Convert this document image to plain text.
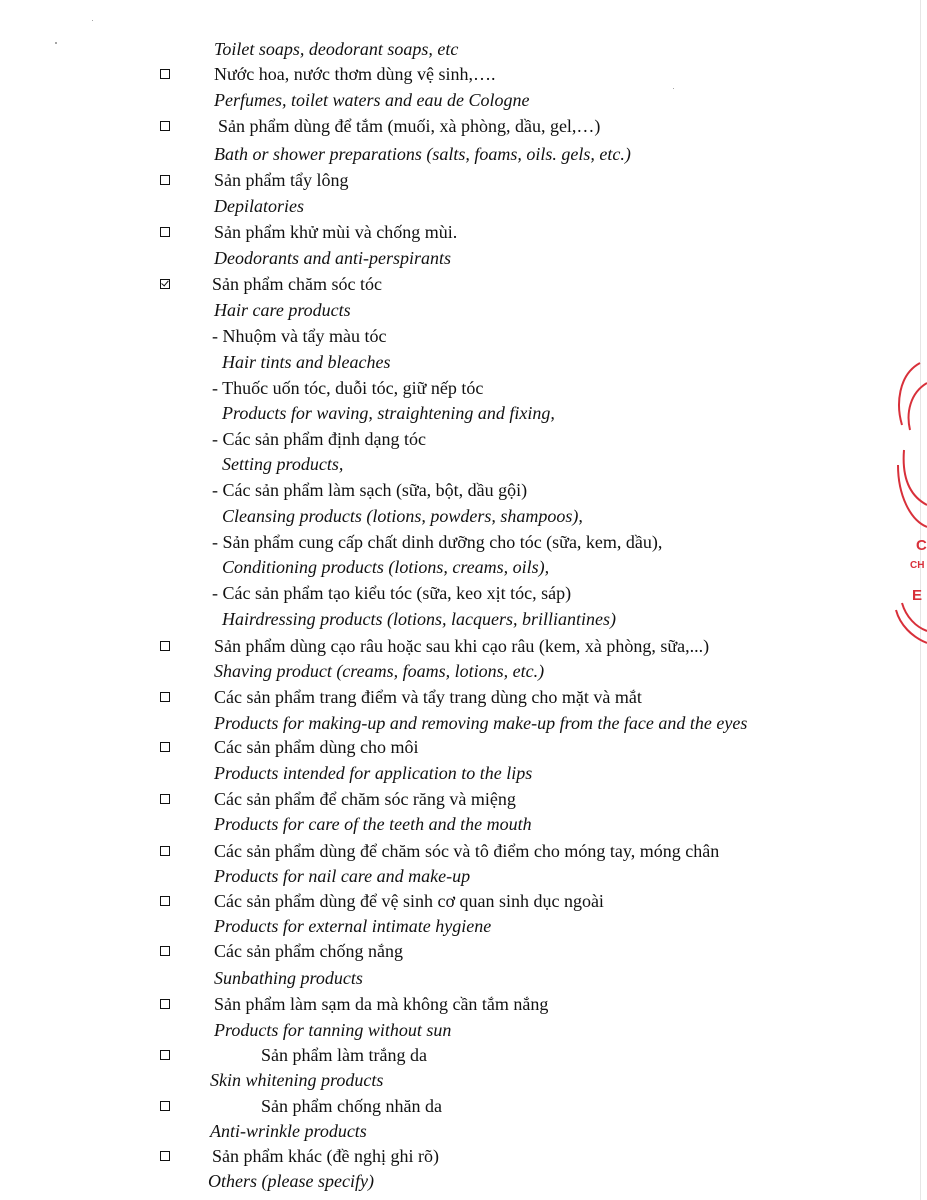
Toilet soaps, deodorant soaps, etc
Nước hoa, nước thơm dùng vệ sinh,….
Perfumes, toilet waters and eau de Cologne
Sản phẩm dùng để tắm (muối, xà phòng, dầu, gel,…)
Bath or shower preparations (salts, foams, oils. gels, etc.)
Sản phẩm tẩy lông
Depilatories
Sản phẩm khử mùi và chống mùi.
Deodorants and anti-perspirants
Sản phẩm chăm sóc tóc
Hair care products
- Nhuộm và tẩy màu tóc
Hair tints and bleaches
- Thuốc uốn tóc, duỗi tóc, giữ nếp tóc
Products for waving, straightening and fixing,
- Các sản phẩm định dạng tóc
Setting products,
- Các sản phẩm làm sạch (sữa, bột, dầu gội)
Cleansing products (lotions, powders, shampoos),
- Sản phẩm cung cấp chất dinh dưỡng cho tóc (sữa, kem, dầu),
Conditioning products (lotions, creams, oils),
- Các sản phẩm tạo kiểu tóc (sữa, keo xịt tóc, sáp)
Hairdressing products (lotions, lacquers, brilliantines)
Sản phẩm dùng cạo râu hoặc sau khi cạo râu (kem, xà phòng, sữa,...)
Shaving product (creams, foams, lotions, etc.)
Các sản phẩm trang điểm và tẩy trang dùng cho mặt và mắt
Products for making-up and removing make-up from the face and the eyes
Các sản phẩm dùng cho môi
Products intended for application to the lips
Các sản phẩm để chăm sóc răng và miệng
Products for care of the teeth and the mouth
Các sản phẩm dùng để chăm sóc và tô điểm cho móng tay, móng chân
Products for nail care and make-up
Các sản phẩm dùng để vệ sinh cơ quan sinh dục ngoài
Products for external intimate hygiene
Các sản phẩm chống nắng
Sunbathing products
Sản phẩm làm sạm da mà không cần tắm nắng
Products for tanning without sun
Sản phẩm làm trắng da
Skin whitening products
Sản phẩm chống nhăn da
Anti-wrinkle products
Sản phẩm khác (đề nghị ghi rõ)
Others (please specify)
C
CH
E
